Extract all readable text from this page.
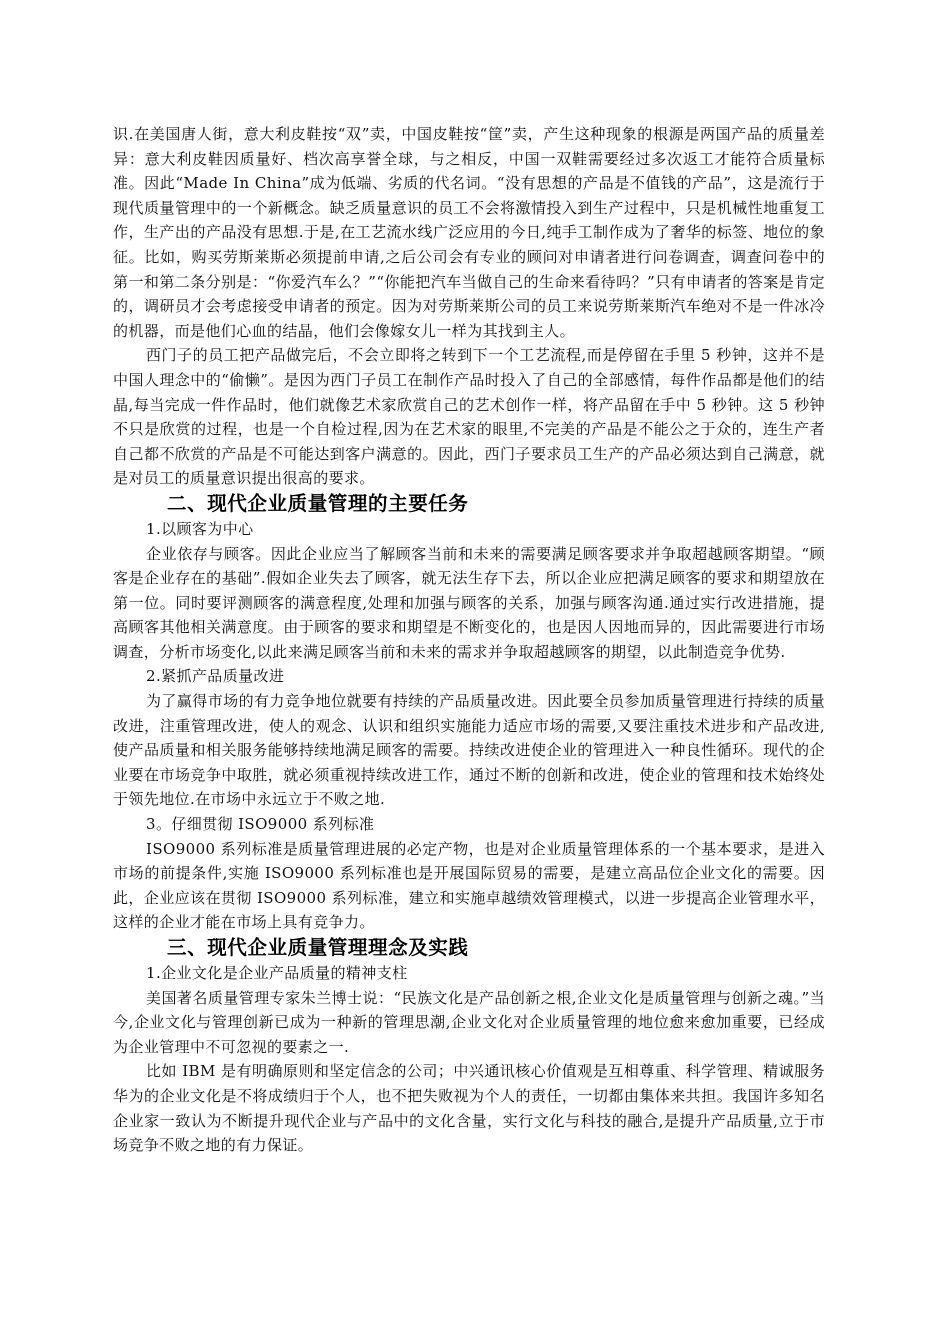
识.在美国唐人街，意大利皮鞋按“双”卖，中国皮鞋按“筐”卖，产生这种现象的根源是两国产品的质量差异：意大利皮鞋因质量好、档次高享誉全球，与之相反，中国一双鞋需要经过多次返工才能符合质量标准。因此“Made In China”成为低端、劣质的代名词。“没有思想的产品是不值钱的产品”，这是流行于现代质量管理中的一个新概念。缺乏质量意识的员工不会将激情投入到生产过程中，只是机械性地重复工作，生产出的产品没有思想.于是,在工艺流水线广泛应用的今日,纯手工制作成为了奢华的标签、地位的象征。比如，购买劳斯莱斯必须提前申请,之后公司会有专业的顾问对申请者进行问卷调查，调查问卷中的第一和第二条分别是：“你爱汽车么？”“你能把汽车当做自己的生命来看待吗？”只有申请者的答案是肯定的，调研员才会考虑接受申请者的预定。因为对劳斯莱斯公司的员工来说劳斯莱斯汽车绝对不是一件冰冷的机器，而是他们心血的结晶，他们会像嫁女儿一样为其找到主人。

西门子的员工把产品做完后，不会立即将之转到下一个工艺流程,而是停留在手里 5 秒钟，这并不是中国人理念中的“偷懒”。是因为西门子员工在制作产品时投入了自己的全部感情，每件作品都是他们的结晶,每当完成一件作品时，他们就像艺术家欣赏自己的艺术创作一样，将产品留在手中 5 秒钟。这 5 秒钟不只是欣赏的过程，也是一个自检过程,因为在艺术家的眼里,不完美的产品是不能公之于众的，连生产者自己都不欣赏的产品是不可能达到客户满意的。因此，西门子要求员工生产的产品必须达到自己满意，就是对员工的质量意识提出很高的要求。

二、现代企业质量管理的主要任务

1.以顾客为中心

企业依存与顾客。因此企业应当了解顾客当前和未来的需要满足顾客要求并争取超越顾客期望。“顾客是企业存在的基础”.假如企业失去了顾客，就无法生存下去，所以企业应把满足顾客的要求和期望放在第一位。同时要评测顾客的满意程度,处理和加强与顾客的关系，加强与顾客沟通.通过实行改进措施，提高顾客其他相关满意度。由于顾客的要求和期望是不断变化的，也是因人因地而异的，因此需要进行市场调查，分析市场变化,以此来满足顾客当前和未来的需求并争取超越顾客的期望，以此制造竞争优势.

2.紧抓产品质量改进

为了赢得市场的有力竞争地位就要有持续的产品质量改进。因此要全员参加质量管理进行持续的质量改进，注重管理改进，使人的观念、认识和组织实施能力适应市场的需要,又要注重技术进步和产品改进,使产品质量和相关服务能够持续地满足顾客的需要。持续改进使企业的管理进入一种良性循环。现代的企业要在市场竞争中取胜，就必须重视持续改进工作，通过不断的创新和改进，使企业的管理和技术始终处于领先地位.在市场中永远立于不败之地.

3。仔细贯彻 ISO9000 系列标准

ISO9000 系列标准是质量管理进展的必定产物，也是对企业质量管理体系的一个基本要求，是进入市场的前提条件,实施 ISO9000 系列标准也是开展国际贸易的需要，是建立高品位企业文化的需要。因此，企业应该在贯彻 ISO9000 系列标准，建立和实施卓越绩效管理模式，以进一步提高企业管理水平，这样的企业才能在市场上具有竞争力。

三、现代企业质量管理理念及实践

1.企业文化是企业产品质量的精神支柱

美国著名质量管理专家朱兰博士说：“民族文化是产品创新之根,企业文化是质量管理与创新之魂。”当今,企业文化与管理创新已成为一种新的管理思潮,企业文化对企业质量管理的地位愈来愈加重要，已经成为企业管理中不可忽视的要素之一.

比如 IBM 是有明确原则和坚定信念的公司；中兴通讯核心价值观是互相尊重、科学管理、精诚服务华为的企业文化是不将成绩归于个人，也不把失败视为个人的责任，一切都由集体来共担。我国许多知名企业家一致认为不断提升现代企业与产品中的文化含量，实行文化与科技的融合,是提升产品质量,立于市场竞争不败之地的有力保证。
